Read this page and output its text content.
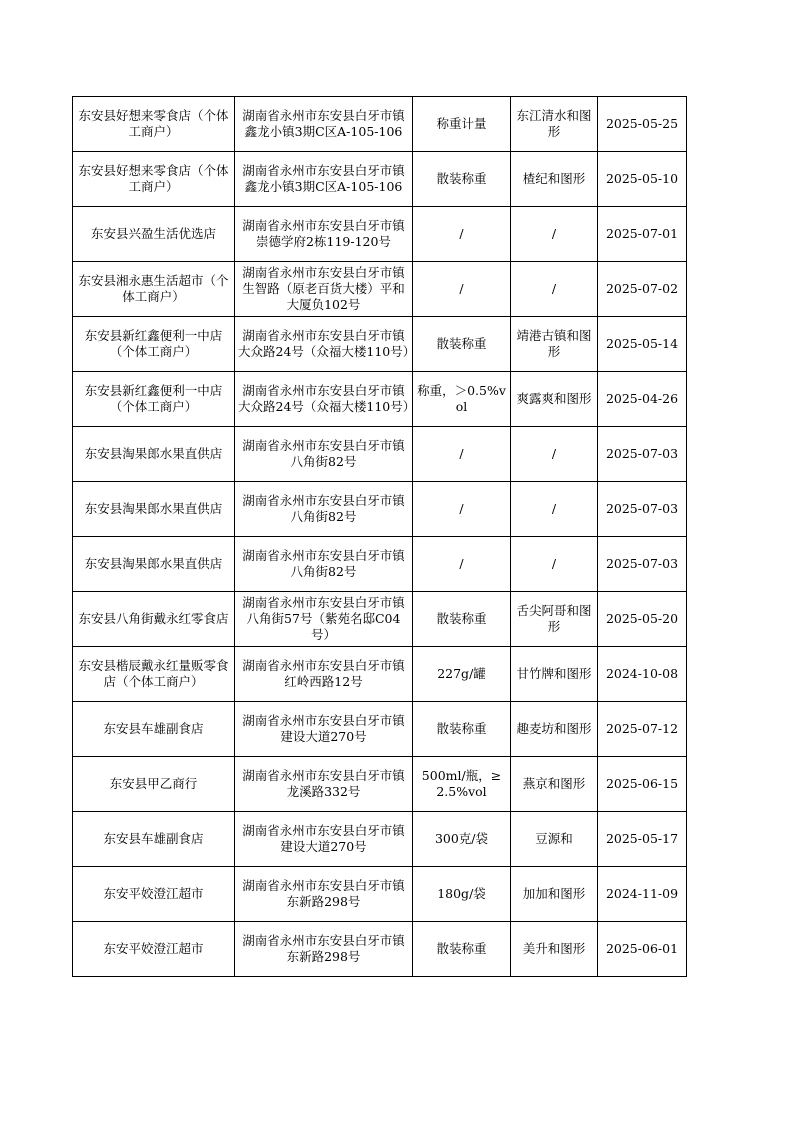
东安县好想来零食店（个体工商户）	湖南省永州市东安县白牙市镇鑫龙小镇3期C区A-105-106	称重计量	东江清水和图形	2025-05-25
东安县好想来零食店（个体工商户）	湖南省永州市东安县白牙市镇鑫龙小镇3期C区A-105-106	散装称重	楂纪和图形	2025-05-10
东安县兴盈生活优选店	湖南省永州市东安县白牙市镇崇德学府2栋119-120号	/	/	2025-07-01
东安县湘永惠生活超市（个体工商户）	湖南省永州市东安县白牙市镇生智路（原老百货大楼）平和大厦负102号	/	/	2025-07-02
东安县新红鑫便利一中店（个体工商户）	湖南省永州市东安县白牙市镇大众路24号（众福大楼110号）	散装称重	靖港古镇和图形	2025-05-14
东安县新红鑫便利一中店（个体工商户）	湖南省永州市东安县白牙市镇大众路24号（众福大楼110号）	称重，＞0.5%vol	爽露爽和图形	2025-04-26
东安县淘果郎水果直供店	湖南省永州市东安县白牙市镇八角街82号	/	/	2025-07-03
东安县淘果郎水果直供店	湖南省永州市东安县白牙市镇八角街82号	/	/	2025-07-03
东安县淘果郎水果直供店	湖南省永州市东安县白牙市镇八角街82号	/	/	2025-07-03
东安县八角街戴永红零食店	湖南省永州市东安县白牙市镇八角街57号（紫苑名邸C04号）	散装称重	舌尖阿哥和图形	2025-05-20
东安县楷辰戴永红量贩零食店（个体工商户）	湖南省永州市东安县白牙市镇红岭西路12号	227g/罐	甘竹牌和图形	2024-10-08
东安县车雄副食店	湖南省永州市东安县白牙市镇建设大道270号	散装称重	趣麦坊和图形	2025-07-12
东安县甲乙商行	湖南省永州市东安县白牙市镇龙溪路332号	500ml/瓶，≥2.5%vol	燕京和图形	2025-06-15
东安县车雄副食店	湖南省永州市东安县白牙市镇建设大道270号	300克/袋	豆源和	2025-05-17
东安平姣澄江超市	湖南省永州市东安县白牙市镇东新路298号	180g/袋	加加和图形	2024-11-09
东安平姣澄江超市	湖南省永州市东安县白牙市镇东新路298号	散装称重	美升和图形	2025-06-01
